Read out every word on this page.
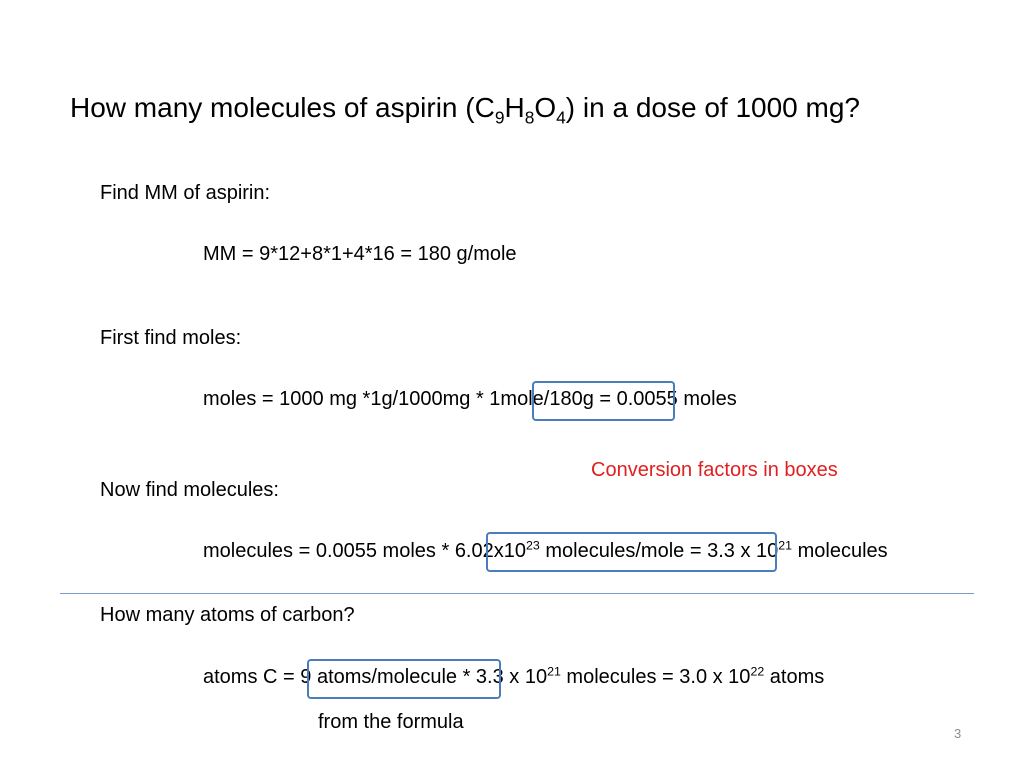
How many molecules of aspirin $(C_9H_8O_4)$ in a dose of 1000 mg?
Find MM of aspirin:
MM = 9*12+8*1+4*16 = 180 g/mole
First find moles:
moles = 1000 mg *1g/1000mg * 1mole/180g = 0.0055 moles
Conversion factors in boxes
Now find molecules:
molecules = 0.0055 moles * $6.02x10^{23}$ molecules/mole = 3.3 x $10^{21}$ molecules
How many atoms of carbon?
atoms C = 9 atoms/molecule * 3.3 x $10^{21}$ molecules = 3.0 x $10^{22}$ atoms
from the formula
3
